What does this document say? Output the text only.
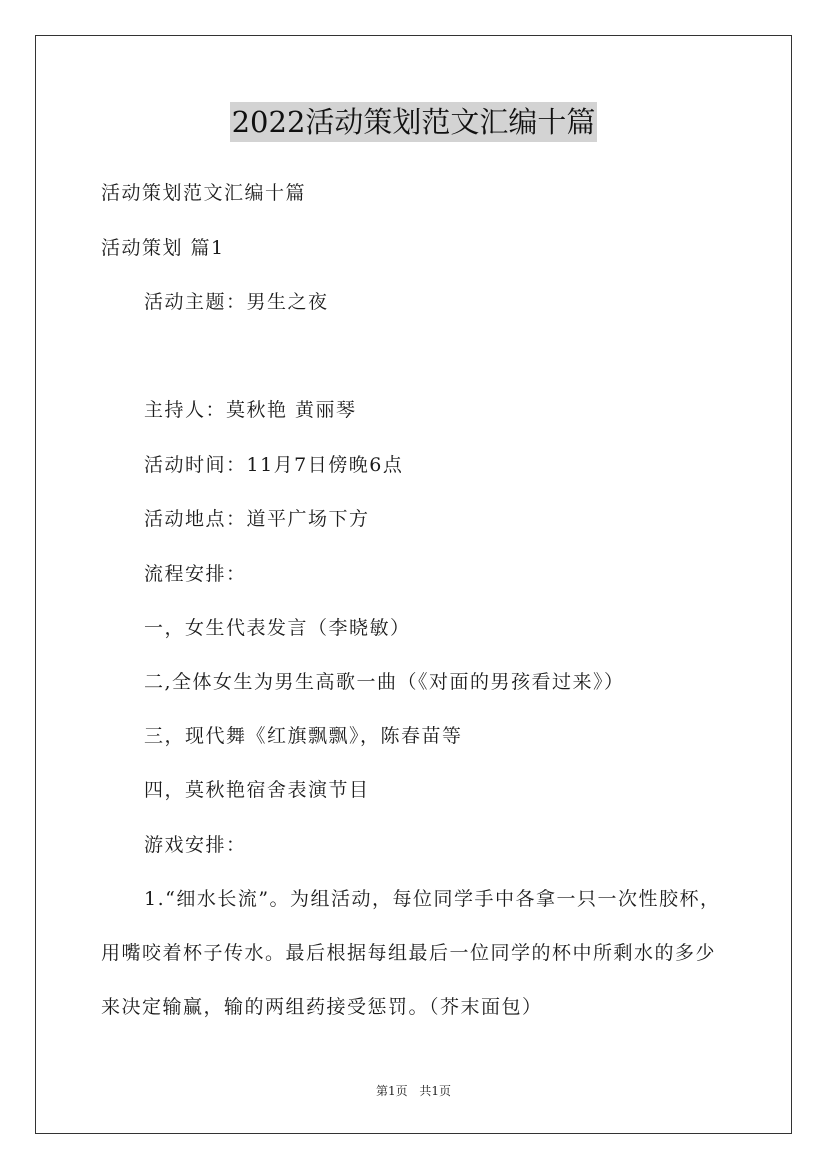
2022活动策划范文汇编十篇
活动策划范文汇编十篇
活动策划 篇1
活动主题：男生之夜
主持人：莫秋艳 黄丽琴
活动时间：11月7日傍晚6点
活动地点：道平广场下方
流程安排：
一，女生代表发言（李晓敏）
二,全体女生为男生高歌一曲（《对面的男孩看过来》）
三，现代舞《红旗飘飘》，陈春苗等
四，莫秋艳宿舍表演节目
游戏安排：
1.“细水长流”。为组活动，每位同学手中各拿一只一次性胶杯，
用嘴咬着杯子传水。最后根据每组最后一位同学的杯中所剩水的多少
来决定输赢，输的两组药接受惩罚。（芥末面包）
第1页 共1页
